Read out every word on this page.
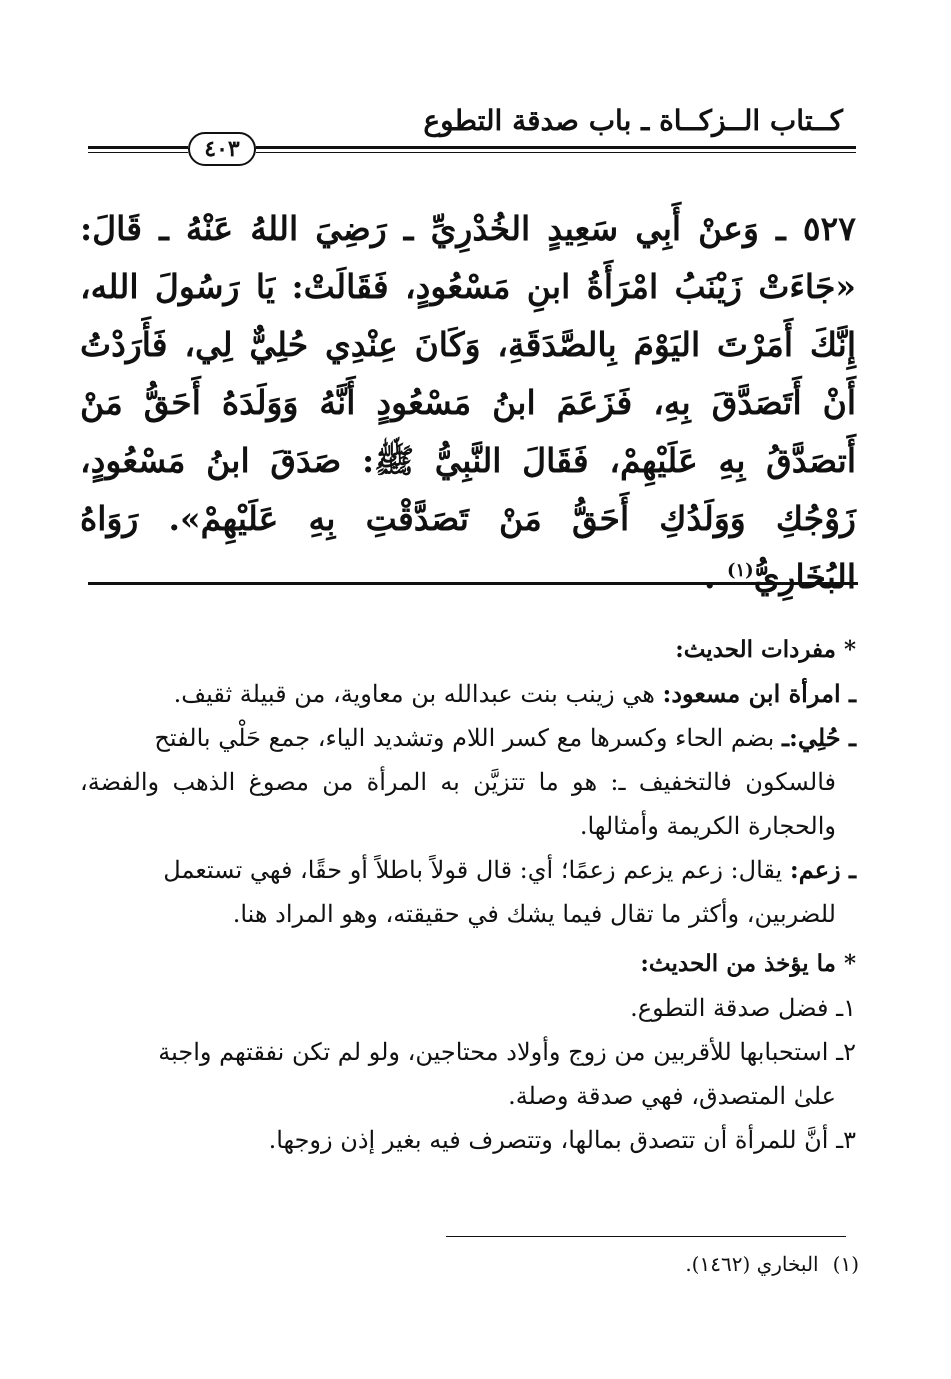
كــتاب الــزكــاة ـ باب صدقة التطوع
٤٠٣

٥٢٧ ـ وَعنْ أَبِي سَعِيدٍ الخُدْرِيِّ ـ رَضِيَ اللهُ عَنْهُ ـ قَالَ: «جَاءَتْ زَيْنَبُ امْرَأَةُ ابنِ مَسْعُودٍ، فَقَالَتْ: يَا رَسُولَ الله، إِنَّكَ أَمَرْتَ اليَوْمَ بِالصَّدَقَةِ، وَكَانَ عِنْدِي حُلِيٌّ لِي، فَأَرَدْتُ أَنْ أَتَصَدَّقَ بِهِ، فَزَعَمَ ابنُ مَسْعُودٍ أَنَّهُ وَوَلَدَهُ أَحَقُّ مَنْ أَتصَدَّقُ بِهِ عَلَيْهِمْ، فَقَالَ النَّبِيُّ ﷺ: صَدَقَ ابنُ مَسْعُودٍ، زَوْجُكِ وَوَلَدُكِ أَحَقُّ مَنْ تَصَدَّقْتِ بِهِ عَلَيْهِمْ». رَوَاهُ البُخَارِيُّ$^{(١)}$ .

* مفردات الحديث:

ـ امرأة ابن مسعود: هي زينب بنت عبدالله بن معاوية، من قبيلة ثقيف.

ـ حُلِي:ـ بضم الحاء وكسرها مع كسر اللام وتشديد الياء، جمع حَلْي بالفتح

فالسكون فالتخفيف ـ: هو ما تتزيَّن به المرأة من مصوغ الذهب والفضة، والحجارة الكريمة وأمثالها.

ـ زعم: يقال: زعم يزعم زعمًا؛ أي: قال قولاً باطلاً أو حقًا، فهي تستعمل

للضربين، وأكثر ما تقال فيما يشك في حقيقته، وهو المراد هنا.

* ما يؤخذ من الحديث:

١ـ فضل صدقة التطوع.

٢ـ استحبابها للأقربين من زوج وأولاد محتاجين، ولو لم تكن نفقتهم واجبة

علىٰ المتصدق، فهي صدقة وصلة.

٣ـ أنَّ للمرأة أن تتصدق بمالها، وتتصرف فيه بغير إذن زوجها.

(١)البخاري (١٤٦٢).
